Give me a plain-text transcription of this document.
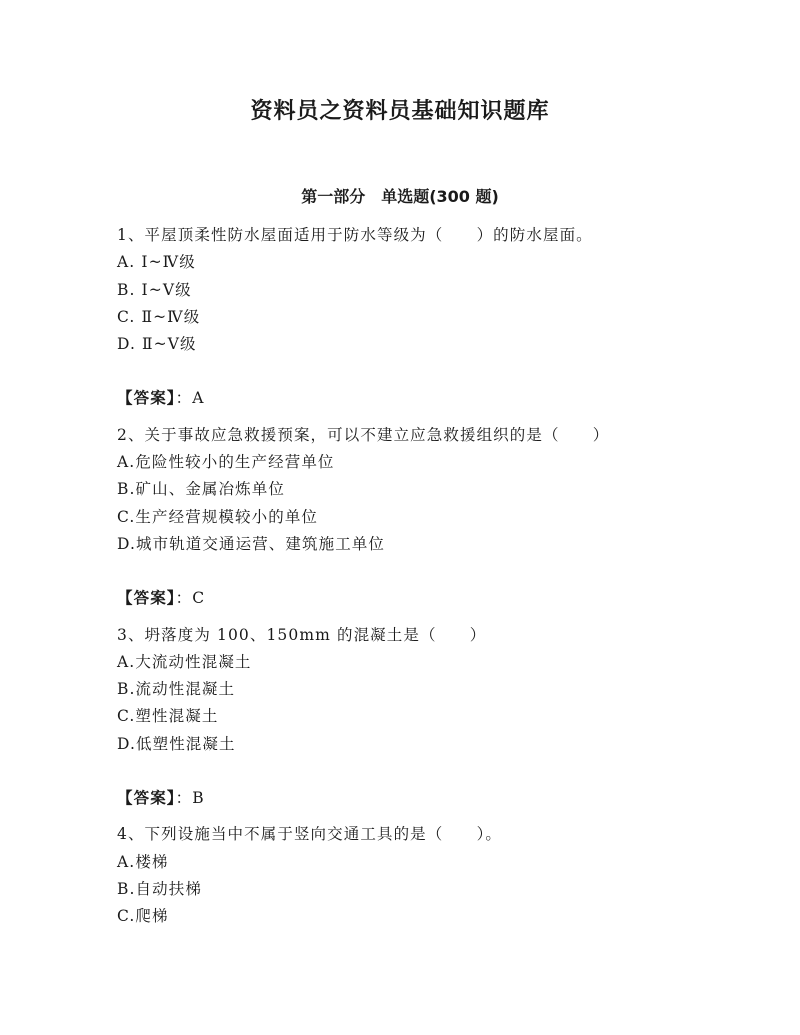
资料员之资料员基础知识题库
第一部分 单选题(300 题)
1、平屋顶柔性防水屋面适用于防水等级为（　　）的防水屋面。
A. Ⅰ~Ⅳ级
B. Ⅰ~Ⅴ级
C. Ⅱ~Ⅳ级
D. Ⅱ~Ⅴ级
【答案】：A
2、关于事故应急救援预案，可以不建立应急救援组织的是（　　）
A.危险性较小的生产经营单位
B.矿山、金属冶炼单位
C.生产经营规模较小的单位
D.城市轨道交通运营、建筑施工单位
【答案】：C
3、坍落度为 100、150mm 的混凝土是（　　）
A.大流动性混凝土
B.流动性混凝土
C.塑性混凝土
D.低塑性混凝土
【答案】：B
4、下列设施当中不属于竖向交通工具的是（　　）。
A.楼梯
B.自动扶梯
C.爬梯
